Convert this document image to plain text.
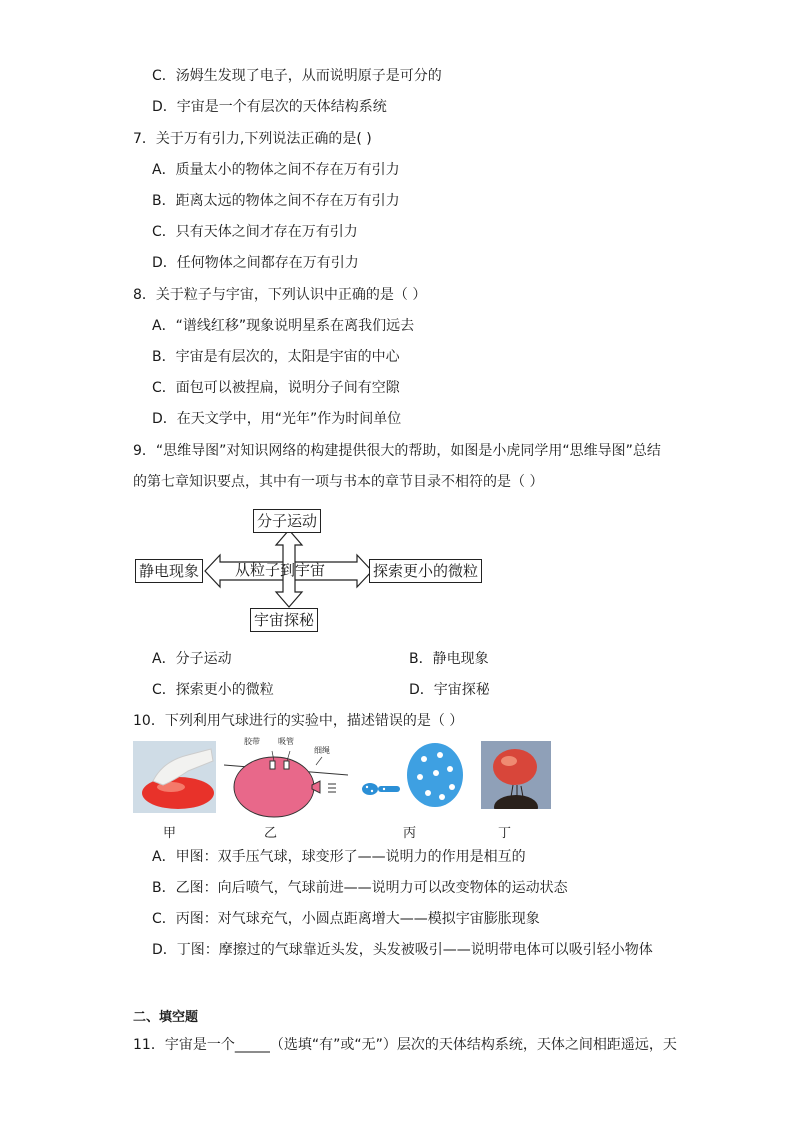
C．汤姆生发现了电子，从而说明原子是可分的
D．宇宙是一个有层次的天体结构系统
7．关于万有引力,下列说法正确的是( )
A．质量太小的物体之间不存在万有引力
B．距离太远的物体之间不存在万有引力
C．只有天体之间才存在万有引力
D．任何物体之间都存在万有引力
8．关于粒子与宇宙，下列认识中正确的是（ ）
A．“谱线红移”现象说明星系在离我们远去
B．宇宙是有层次的，太阳是宇宙的中心
C．面包可以被捏扁，说明分子间有空隙
D．在天文学中，用“光年”作为时间单位
9．“思维导图”对知识网络的构建提供很大的帮助，如图是小虎同学用“思维导图”总结
的第七章知识要点，其中有一项与书本的章节目录不相符的是（ ）
分子运动
静电现象 从粒子到宇宙	探索更小的微粒
宇宙探秘
A．分子运动	B．静电现象
C．探索更小的微粒	D．宇宙探秘
10．下列利用气球进行的实验中，描述错误的是（ ）
甲
胶带 吸管
细绳
乙	丙	丁
A．甲图：双手压气球，球变形了——说明力的作用是相互的
B．乙图：向后喷气，气球前进——说明力可以改变物体的运动状态
C．丙图：对气球充气，小圆点距离增大——模拟宇宙膨胀现象
D．丁图：摩擦过的气球靠近头发，头发被吸引——说明带电体可以吸引轻小物体
二、填空题
11．宇宙是一个_____（选填“有”或“无”）层次的天体结构系统，天体之间相距遥远，天
